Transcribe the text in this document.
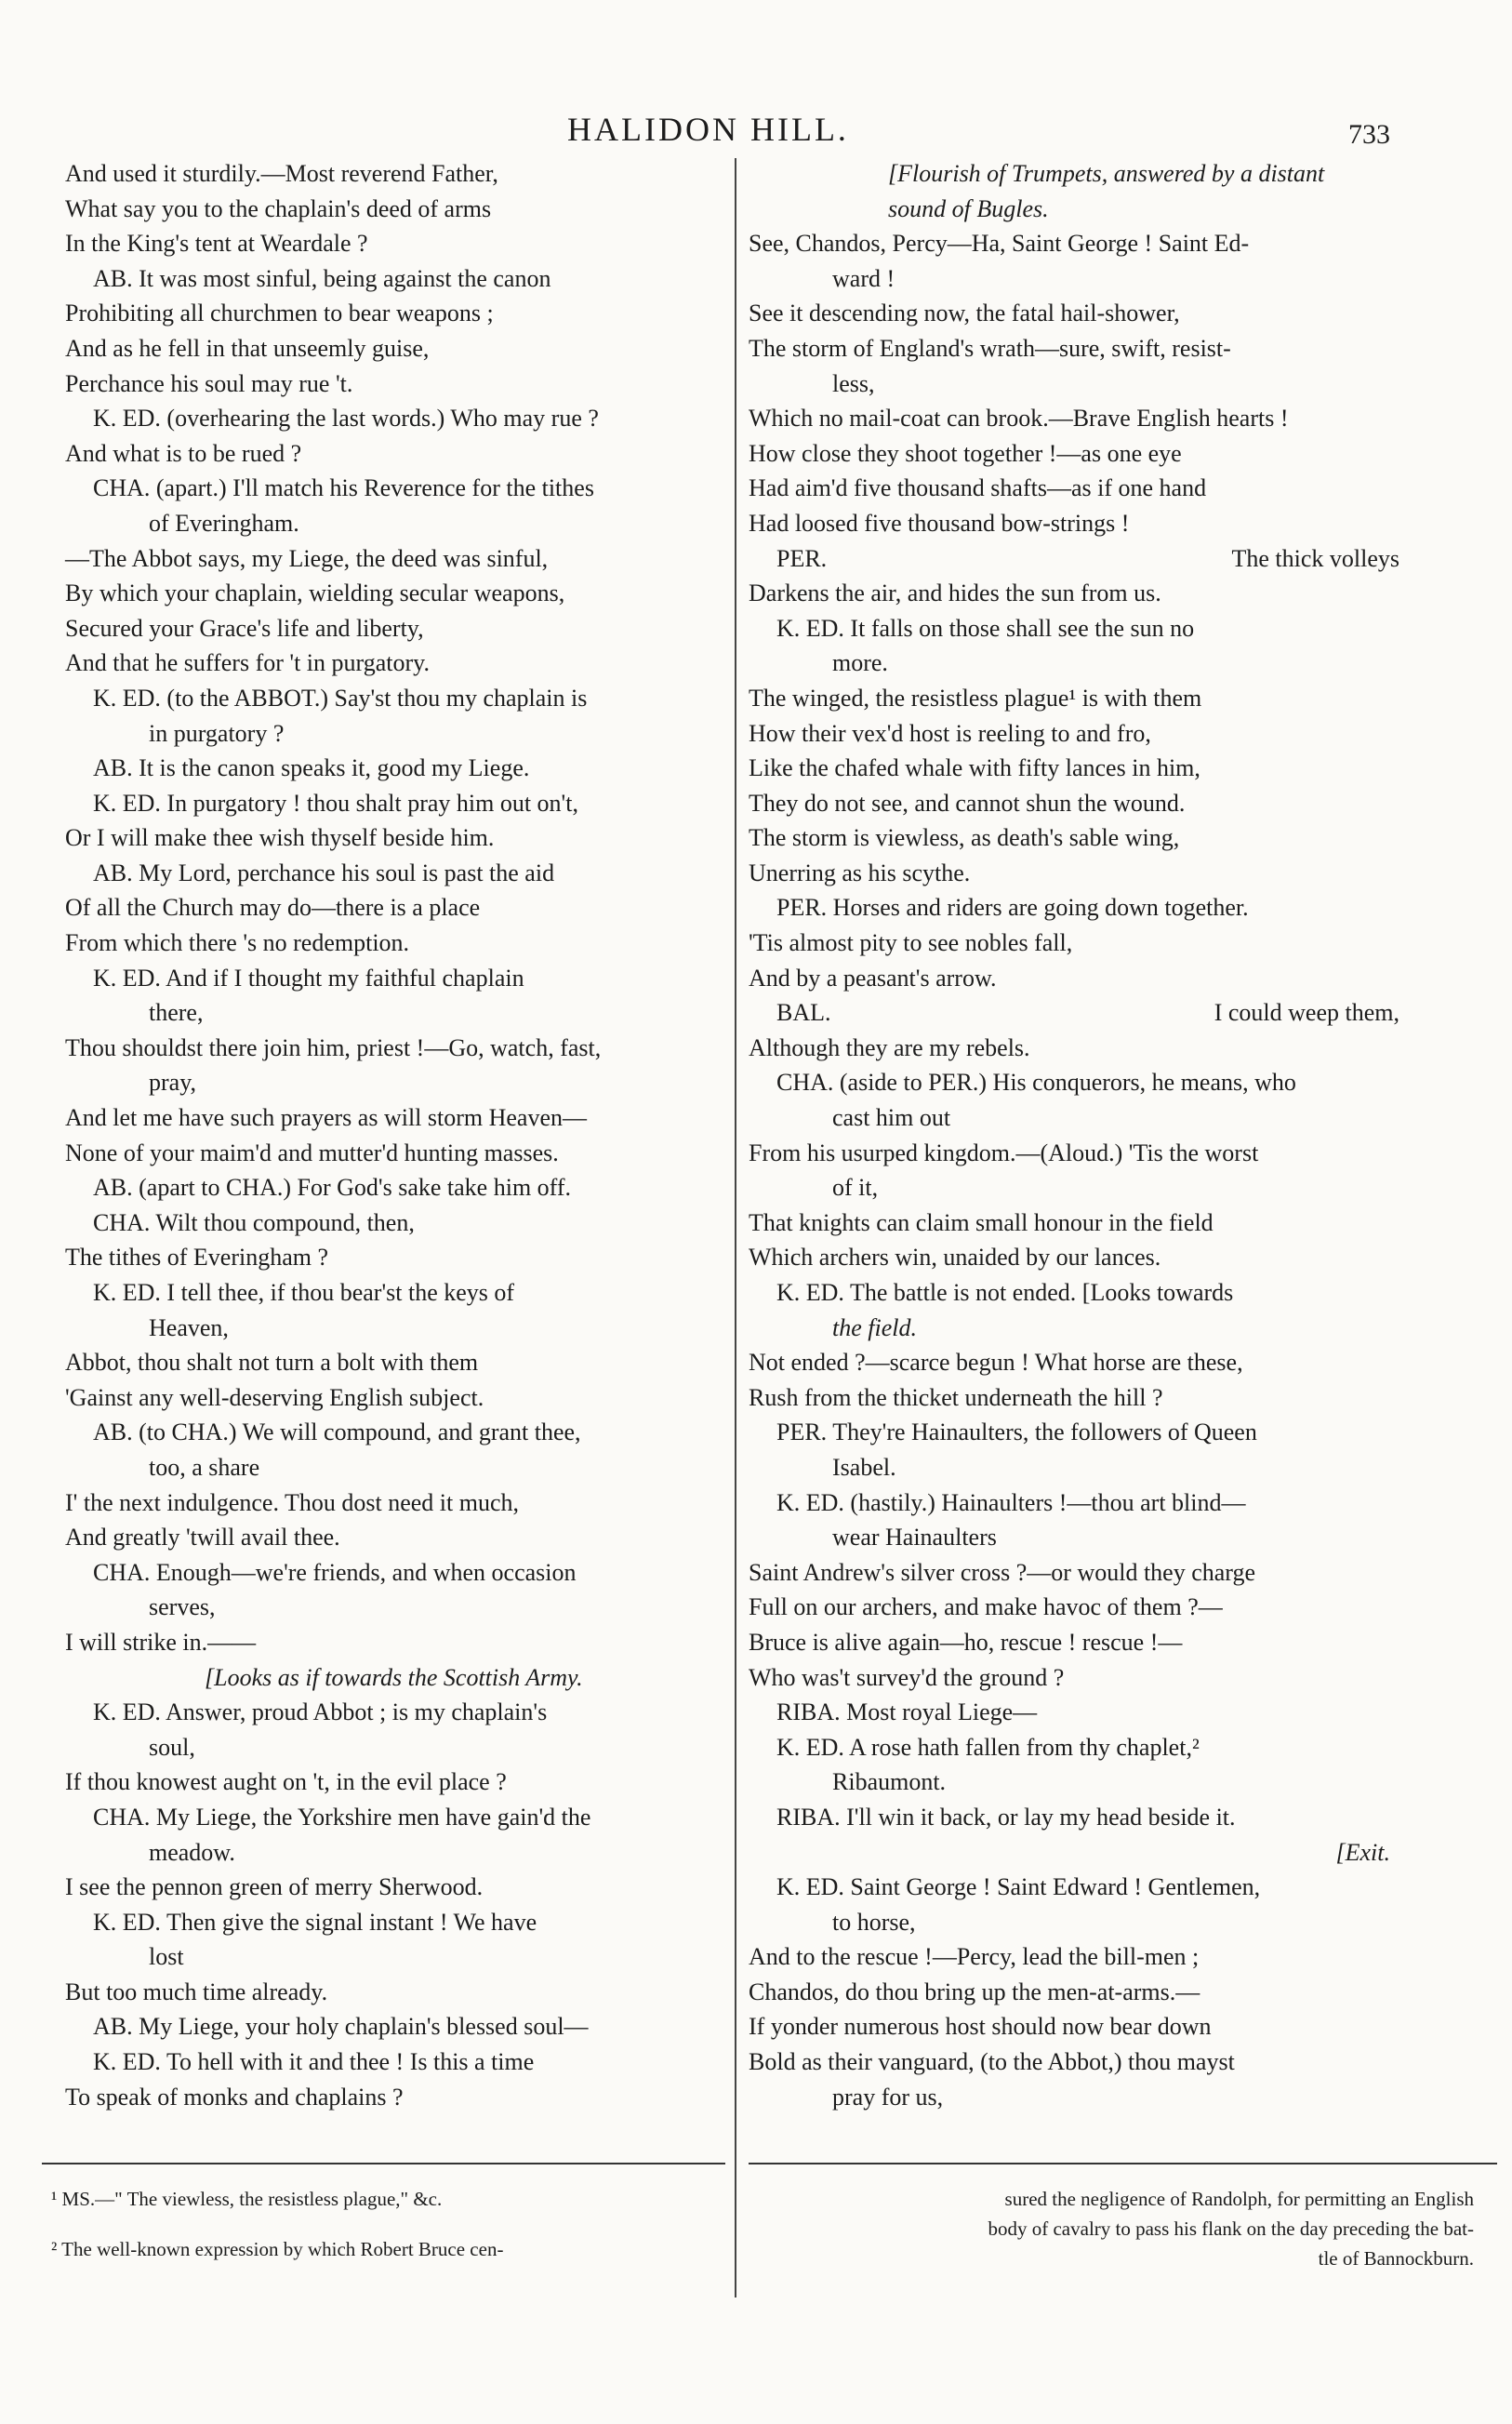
HALIDON HILL.	733
And used it sturdily.—Most reverend Father,
What say you to the chaplain's deed of arms
In the King's tent at Weardale ?
AB. It was most sinful, being against the canon
Prohibiting all churchmen to bear weapons ;
And as he fell in that unseemly guise,
Perchance his soul may rue 't.
K. ED. (overhearing the last words.) Who may rue ?
And what is to be rued ?
CHA. (apart.) I'll match his Reverence for the tithes
of Everingham.
—The Abbot says, my Liege, the deed was sinful,
By which your chaplain, wielding secular weapons,
Secured your Grace's life and liberty,
And that he suffers for 't in purgatory.
K. ED. (to the ABBOT.) Say'st thou my chaplain is
in purgatory ?
AB. It is the canon speaks it, good my Liege.
K. ED. In purgatory ! thou shalt pray him out on't,
Or I will make thee wish thyself beside him.
AB. My Lord, perchance his soul is past the aid
Of all the Church may do—there is a place
From which there 's no redemption.
K. ED. And if I thought my faithful chaplain
there,
Thou shouldst there join him, priest !—Go, watch, fast,
pray,
And let me have such prayers as will storm Heaven—
None of your maim'd and mutter'd hunting masses.
AB. (apart to CHA.) For God's sake take him off.
CHA. Wilt thou compound, then,
The tithes of Everingham ?
K. ED. I tell thee, if thou bear'st the keys of
Heaven,
Abbot, thou shalt not turn a bolt with them
'Gainst any well-deserving English subject.
AB. (to CHA.) We will compound, and grant thee,
too, a share
I' the next indulgence. Thou dost need it much,
And greatly 'twill avail thee.
CHA. Enough—we're friends, and when occasion
serves,
I will strike in.——
[Looks as if towards the Scottish Army.
K. ED. Answer, proud Abbot ; is my chaplain's
soul,
If thou knowest aught on 't, in the evil place ?
CHA. My Liege, the Yorkshire men have gain'd the
meadow.
I see the pennon green of merry Sherwood.
K. ED. Then give the signal instant ! We have
lost
But too much time already.
AB. My Liege, your holy chaplain's blessed soul—
K. ED. To hell with it and thee ! Is this a time
To speak of monks and chaplains ?
[Flourish of Trumpets, answered by a distant
sound of Bugles.
See, Chandos, Percy—Ha, Saint George ! Saint Ed-
ward !
See it descending now, the fatal hail-shower,
The storm of England's wrath—sure, swift, resist-
less,
Which no mail-coat can brook.—Brave English hearts !
How close they shoot together !—as one eye
Had aim'd five thousand shafts—as if one hand
Had loosed five thousand bow-strings !
PER.	The thick volleys
Darkens the air, and hides the sun from us.
K. ED. It falls on those shall see the sun no
more.
The winged, the resistless plague¹ is with them
How their vex'd host is reeling to and fro,
Like the chafed whale with fifty lances in him,
They do not see, and cannot shun the wound.
The storm is viewless, as death's sable wing,
Unerring as his scythe.
PER. Horses and riders are going down together.
'Tis almost pity to see nobles fall,
And by a peasant's arrow.
BAL.	I could weep them,
Although they are my rebels.
CHA. (aside to PER.) His conquerors, he means, who
cast him out
From his usurped kingdom.—(Aloud.) 'Tis the worst
of it,
That knights can claim small honour in the field
Which archers win, unaided by our lances.
K. ED. The battle is not ended. [Looks towards
the field.
Not ended ?—scarce begun ! What horse are these,
Rush from the thicket underneath the hill ?
PER. They're Hainaulters, the followers of Queen
Isabel.
K. ED. (hastily.) Hainaulters !—thou art blind—
wear Hainaulters
Saint Andrew's silver cross ?—or would they charge
Full on our archers, and make havoc of them ?—
Bruce is alive again—ho, rescue ! rescue !—
Who was't survey'd the ground ?
RIBA. Most royal Liege—
K. ED. A rose hath fallen from thy chaplet,²
Ribaumont.
RIBA. I'll win it back, or lay my head beside it.
[Exit.
K. ED. Saint George ! Saint Edward ! Gentlemen,
to horse,
And to the rescue !—Percy, lead the bill-men ;
Chandos, do thou bring up the men-at-arms.—
If yonder numerous host should now bear down
Bold as their vanguard, (to the Abbot,) thou mayst
pray for us,
¹ MS.—" The viewless, the resistless plague," &c.
² The well-known expression by which Robert Bruce cen-
sured the negligence of Randolph, for permitting an English
body of cavalry to pass his flank on the day preceding the bat-
tle of Bannockburn.
